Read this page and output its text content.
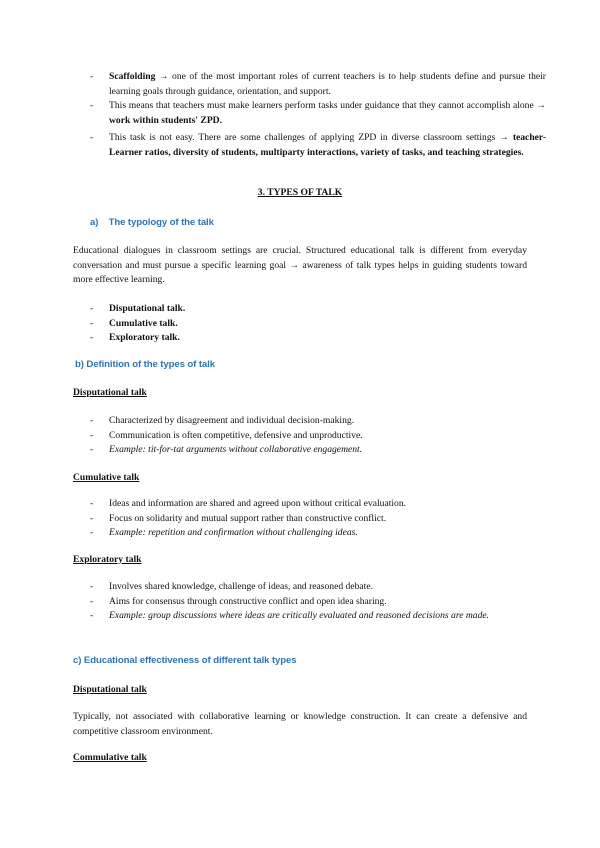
- Scaffolding → one of the most important roles of current teachers is to help students define and pursue their learning goals through guidance, orientation, and support.
- This means that teachers must make learners perform tasks under guidance that they cannot accomplish alone → work within students' ZPD.
- This task is not easy. There are some challenges of applying ZPD in diverse classroom settings → teacher-Learner ratios, diversity of students, multiparty interactions, variety of tasks, and teaching strategies.
3. TYPES OF TALK
a)    The typology of the talk
Educational dialogues in classroom settings are crucial. Structured educational talk is different from everyday conversation and must pursue a specific learning goal → awareness of talk types helps in guiding students toward more effective learning.
- Disputational talk.
- Cumulative talk.
- Exploratory talk.
b) Definition of the types of talk
Disputational talk
- Characterized by disagreement and individual decision-making.
- Communication is often competitive, defensive and unproductive.
- Example: tit-for-tat arguments without collaborative engagement.
Cumulative talk
- Ideas and information are shared and agreed upon without critical evaluation.
- Focus on solidarity and mutual support rather than constructive conflict.
- Example: repetition and confirmation without challenging ideas.
Exploratory talk
- Involves shared knowledge, challenge of ideas, and reasoned debate.
- Aims for consensus through constructive conflict and open idea sharing.
- Example: group discussions where ideas are critically evaluated and reasoned decisions are made.
c) Educational effectiveness of different talk types
Disputational talk
Typically, not associated with collaborative learning or knowledge construction. It can create a defensive and competitive classroom environment.
Commulative talk
